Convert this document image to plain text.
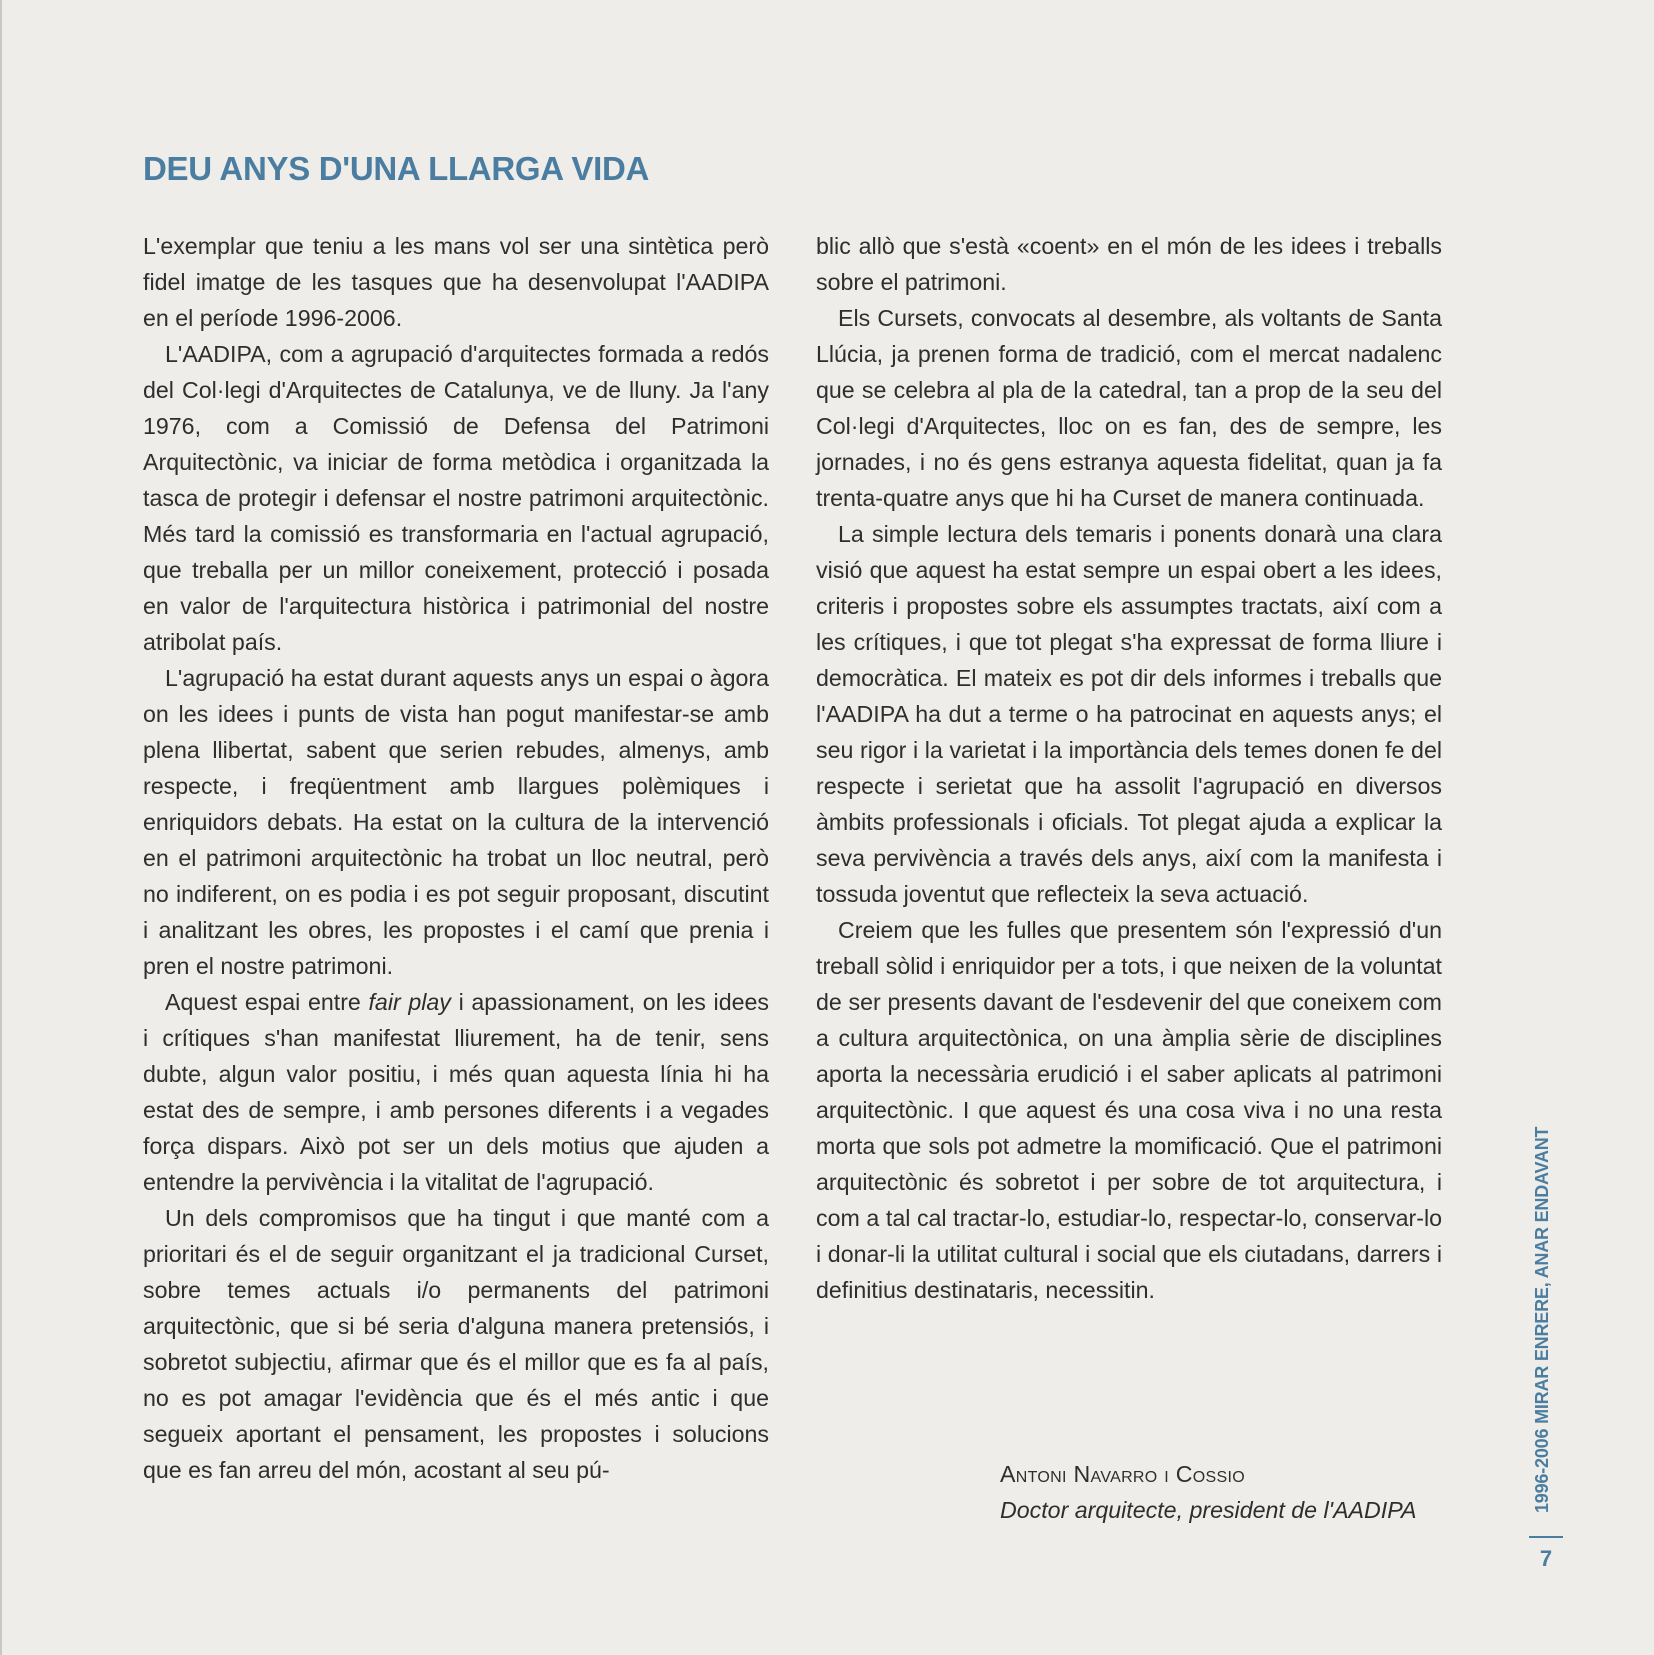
DEU ANYS D'UNA LLARGA VIDA

L'exemplar que teniu a les mans vol ser una sintètica però fidel imatge de les tasques que ha desenvolupat l'AADIPA en el període 1996-2006.

L'AADIPA, com a agrupació d'arquitectes formada a redós del Col·legi d'Arquitectes de Catalunya, ve de lluny. Ja l'any 1976, com a Comissió de Defensa del Patrimoni Arquitectònic, va iniciar de forma metòdica i organitzada la tasca de protegir i defensar el nostre patrimoni arquitectònic. Més tard la comissió es transformaria en l'actual agrupació, que treballa per un millor coneixement, protecció i posada en valor de l'arquitectura històrica i patrimonial del nostre atribolat país.

L'agrupació ha estat durant aquests anys un espai o àgora on les idees i punts de vista han pogut manifestar-se amb plena llibertat, sabent que serien rebudes, almenys, amb respecte, i freqüentment amb llargues polèmiques i enriquidors debats. Ha estat on la cultura de la intervenció en el patrimoni arquitectònic ha trobat un lloc neutral, però no indiferent, on es podia i es pot seguir proposant, discutint i analitzant les obres, les propostes i el camí que prenia i pren el nostre patrimoni.

Aquest espai entre fair play i apassionament, on les idees i crítiques s'han manifestat lliurement, ha de tenir, sens dubte, algun valor positiu, i més quan aquesta línia hi ha estat des de sempre, i amb persones diferents i a vegades força dispars. Això pot ser un dels motius que ajuden a entendre la pervivència i la vitalitat de l'agrupació.

Un dels compromisos que ha tingut i que manté com a prioritari és el de seguir organitzant el ja tradicional Curset, sobre temes actuals i/o permanents del patrimoni arquitectònic, que si bé seria d'alguna manera pretensiós, i sobretot subjectiu, afirmar que és el millor que es fa al país, no es pot amagar l'evidència que és el més antic i que segueix aportant el pensament, les propostes i solucions que es fan arreu del món, acostant al seu pú-

blic allò que s'està «coent» en el món de les idees i treballs sobre el patrimoni.

Els Cursets, convocats al desembre, als voltants de Santa Llúcia, ja prenen forma de tradició, com el mercat nadalenc que se celebra al pla de la catedral, tan a prop de la seu del Col·legi d'Arquitectes, lloc on es fan, des de sempre, les jornades, i no és gens estranya aquesta fidelitat, quan ja fa trenta-quatre anys que hi ha Curset de manera continuada.

La simple lectura dels temaris i ponents donarà una clara visió que aquest ha estat sempre un espai obert a les idees, criteris i propostes sobre els assumptes tractats, així com a les crítiques, i que tot plegat s'ha expressat de forma lliure i democràtica. El mateix es pot dir dels informes i treballs que l'AADIPA ha dut a terme o ha patrocinat en aquests anys; el seu rigor i la varietat i la importància dels temes donen fe del respecte i serietat que ha assolit l'agrupació en diversos àmbits professionals i oficials. Tot plegat ajuda a explicar la seva pervivència a través dels anys, així com la manifesta i tossuda joventut que reflecteix la seva actuació.

Creiem que les fulles que presentem són l'expressió d'un treball sòlid i enriquidor per a tots, i que neixen de la voluntat de ser presents davant de l'esdevenir del que coneixem com a cultura arquitectònica, on una àmplia sèrie de disciplines aporta la necessària erudició i el saber aplicats al patrimoni arquitectònic. I que aquest és una cosa viva i no una resta morta que sols pot admetre la momificació. Que el patrimoni arquitectònic és sobretot i per sobre de tot arquitectura, i com a tal cal tractar-lo, estudiar-lo, respectar-lo, conservar-lo i donar-li la utilitat cultural i social que els ciutadans, darrers i definitius destinataris, necessitin.

Antoni Navarro i Cossio
Doctor arquitecte, president de l'AADIPA	1996-2006 MIRAR ENRERE, ANAR ENDAVANT
7
